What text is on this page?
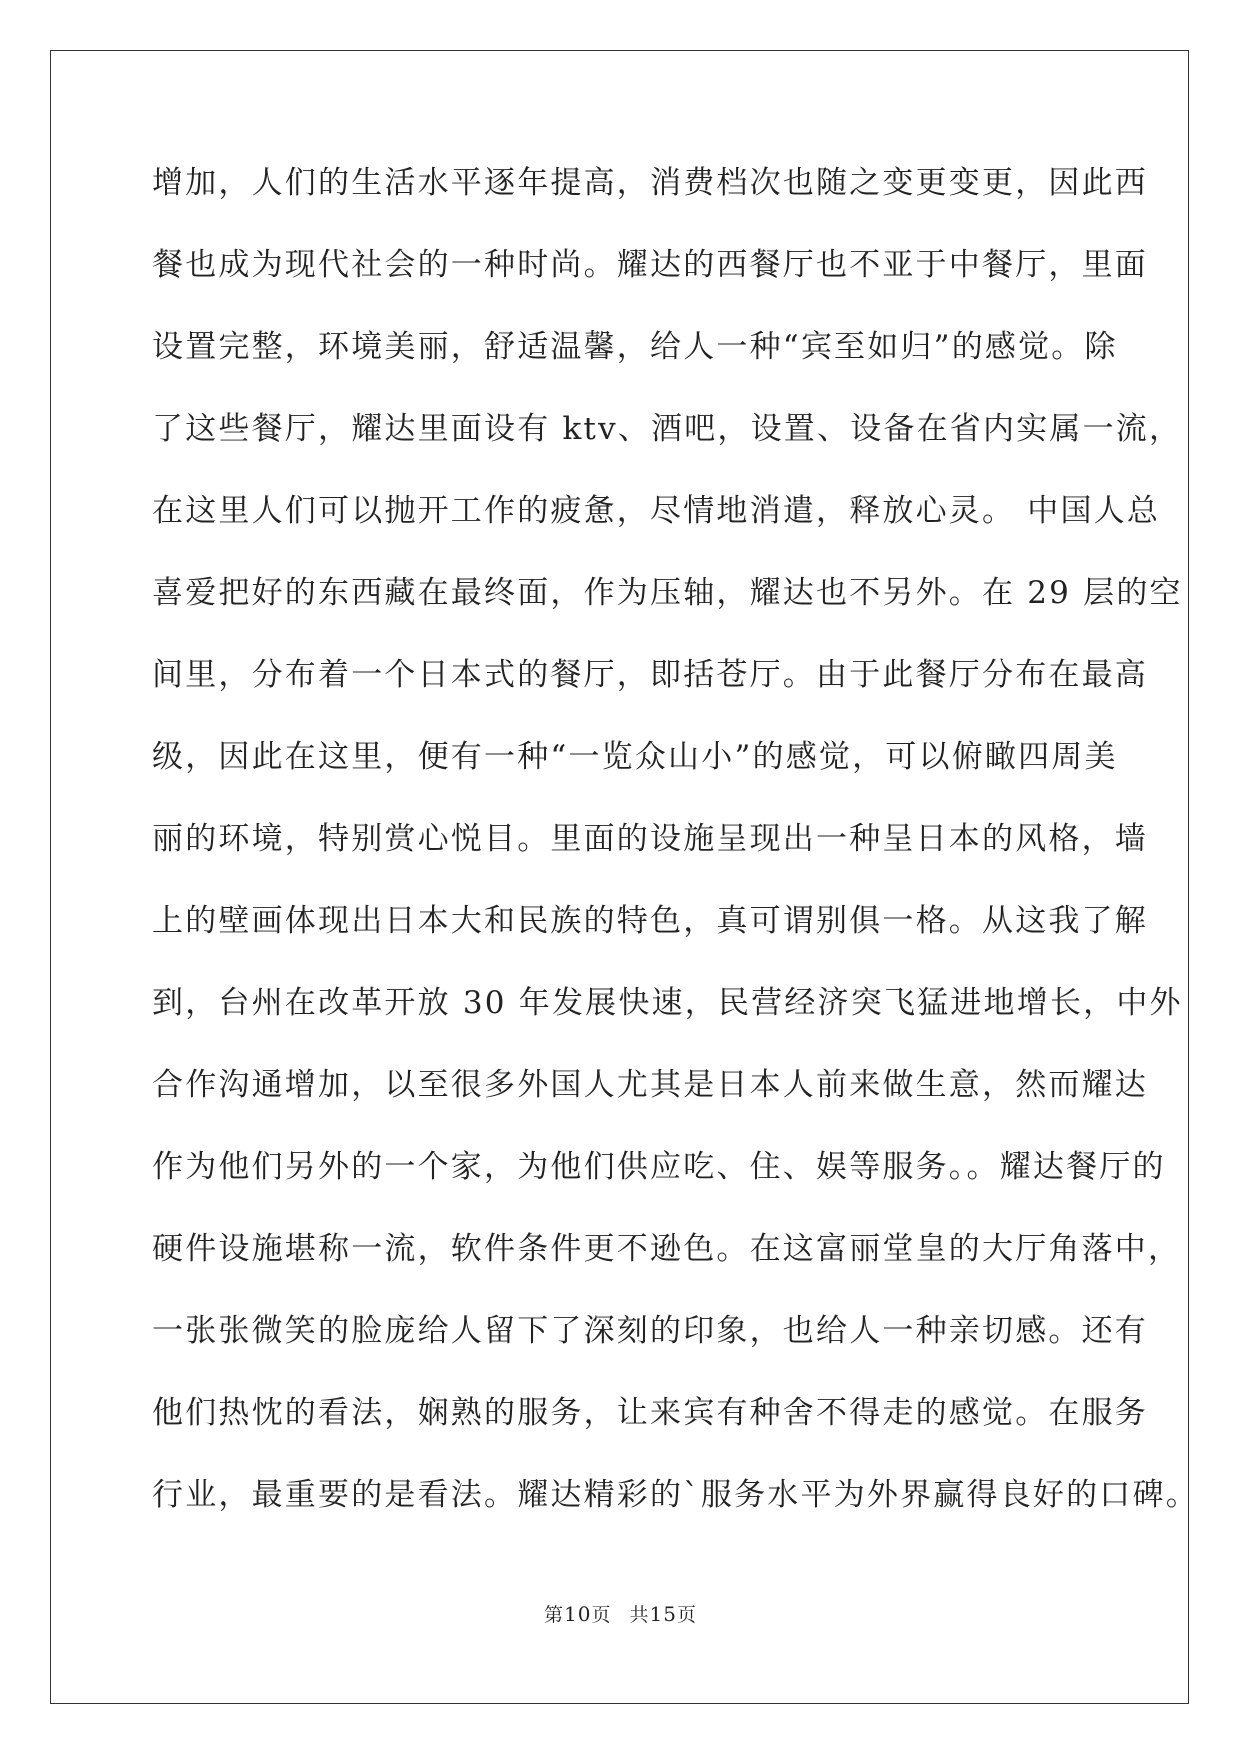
增加，人们的生活水平逐年提高，消费档次也随之变更变更，因此西
餐也成为现代社会的一种时尚。耀达的西餐厅也不亚于中餐厅，里面
设置完整，环境美丽，舒适温馨，给人一种“宾至如归”的感觉。除
了这些餐厅，耀达里面设有 ktv、酒吧，设置、设备在省内实属一流，
在这里人们可以抛开工作的疲惫，尽情地消遣，释放心灵。 中国人总
喜爱把好的东西藏在最终面，作为压轴，耀达也不另外。在 29 层的空
间里，分布着一个日本式的餐厅，即括苍厅。由于此餐厅分布在最高
级，因此在这里，便有一种“一览众山小”的感觉，可以俯瞰四周美
丽的环境，特别赏心悦目。里面的设施呈现出一种呈日本的风格，墙
上的壁画体现出日本大和民族的特色，真可谓别俱一格。从这我了解
到，台州在改革开放 30 年发展快速，民营经济突飞猛进地增长，中外
合作沟通增加，以至很多外国人尤其是日本人前来做生意，然而耀达
作为他们另外的一个家，为他们供应吃、住、娱等服务。。耀达餐厅的
硬件设施堪称一流，软件条件更不逊色。在这富丽堂皇的大厅角落中，
一张张微笑的脸庞给人留下了深刻的印象，也给人一种亲切感。还有
他们热忱的看法，娴熟的服务，让来宾有种舍不得走的感觉。在服务
行业，最重要的是看法。耀达精彩的`服务水平为外界赢得良好的口碑。
第10页 共15页
